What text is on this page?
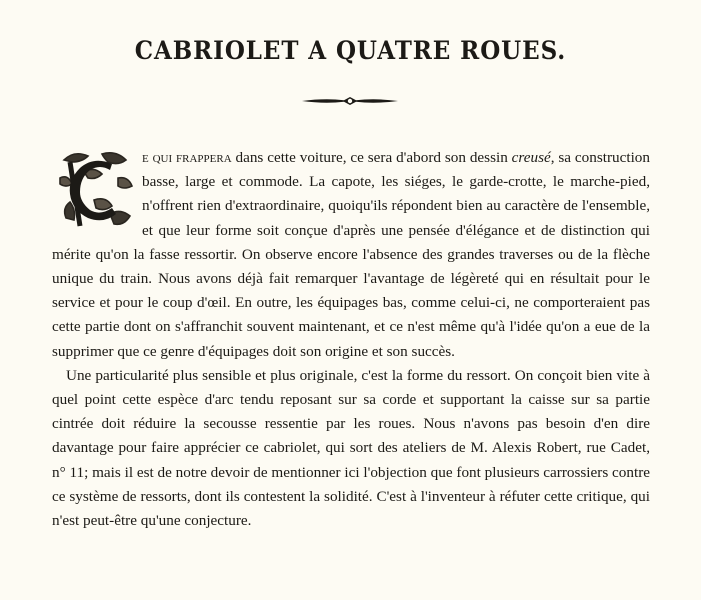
CABRIOLET A QUATRE ROUES.

C
e qui frappera dans cette voiture, ce sera d'abord son dessin creusé, sa construction basse, large et commode. La capote, les siéges, le garde-crotte, le marche-pied, n'offrent rien d'extraordinaire, quoiqu'ils répondent bien au caractère de l'ensemble, et que leur forme soit conçue d'après une pensée d'élégance et de distinction qui mérite qu'on la fasse ressortir. On observe encore l'absence des grandes traverses ou de la flèche unique du train. Nous avons déjà fait remarquer l'avantage de légèreté qui en résultait pour le service et pour le coup d'œil. En outre, les équipages bas, comme celui-ci, ne comporteraient pas cette partie dont on s'affranchit souvent maintenant, et ce n'est même qu'à l'idée qu'on a eue de la supprimer que ce genre d'équipages doit son origine et son succès.

Une particularité plus sensible et plus originale, c'est la forme du ressort. On conçoit bien vite à quel point cette espèce d'arc tendu reposant sur sa corde et supportant la caisse sur sa partie cintrée doit réduire la secousse ressentie par les roues. Nous n'avons pas besoin d'en dire davantage pour faire apprécier ce cabriolet, qui sort des ateliers de M. Alexis Robert, rue Cadet, n° 11; mais il est de notre devoir de mentionner ici l'objection que font plusieurs carrossiers contre ce système de ressorts, dont ils contestent la solidité. C'est à l'inventeur à réfuter cette critique, qui n'est peut-être qu'une conjecture.
